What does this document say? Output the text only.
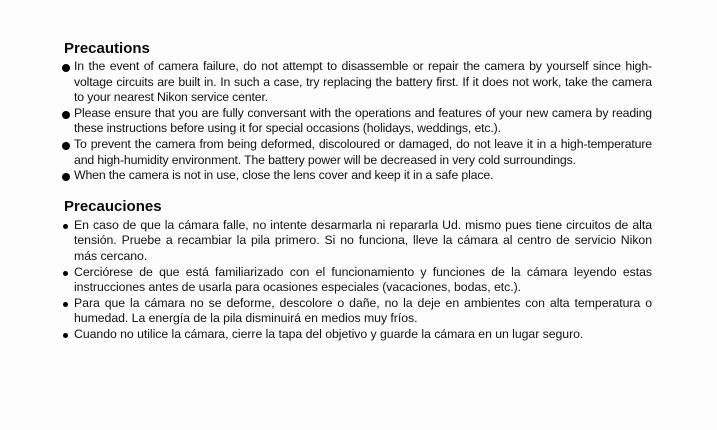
Precautions
In the event of camera failure, do not attempt to disassemble or repair the camera by yourself since high-voltage circuits are built in. In such a case, try replacing the battery first. If it does not work, take the camera to your nearest Nikon service center.
Please ensure that you are fully conversant with the operations and features of your new camera by reading these instructions before using it for special occasions (holidays, weddings, etc.).
To prevent the camera from being deformed, discoloured or damaged, do not leave it in a high-temperature and high-humidity environment. The battery power will be decreased in very cold surroundings.
When the camera is not in use, close the lens cover and keep it in a safe place.
Precauciones
En caso de que la cámara falle, no intente desarmarla ni repararla Ud. mismo pues tiene circuitos de alta tensión. Pruebe a recambiar la pila primero. Si no funciona, lleve la cámara al centro de servicio Nikon más cercano.
Cerciórese de que está familiarizado con el funcionamiento y funciones de la cámara leyendo estas instrucciones antes de usarla para ocasiones especiales (vacaciones, bodas, etc.).
Para que la cámara no se deforme, descolore o dañe, no la deje en ambientes con alta temperatura o humedad. La energía de la pila disminuirá en medios muy fríos.
Cuando no utilice la cámara, cierre la tapa del objetivo y guarde la cámara en un lugar seguro.
